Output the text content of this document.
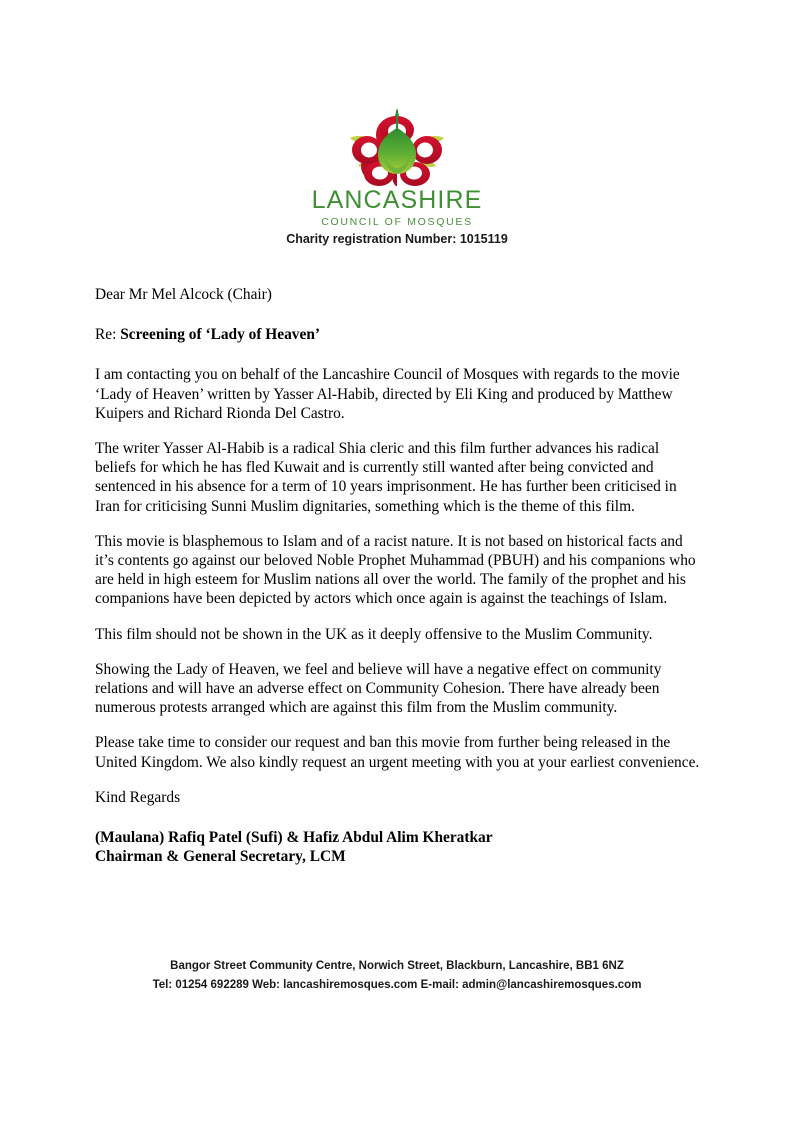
LANCASHIRE
COUNCIL OF MOSQUES
Charity registration Number: 1015119

Dear Mr Mel Alcock (Chair)

Re: Screening of ‘Lady of Heaven’

I am contacting you on behalf of the Lancashire Council of Mosques with regards to the movie ‘Lady of Heaven’ written by Yasser Al-Habib, directed by Eli King and produced by Matthew Kuipers and Richard Rionda Del Castro.

The writer Yasser Al-Habib is a radical Shia cleric and this film further advances his radical beliefs for which he has fled Kuwait and is currently still wanted after being convicted and sentenced in his absence for a term of 10 years imprisonment. He has further been criticised in Iran for criticising Sunni Muslim dignitaries, something which is the theme of this film.

This movie is blasphemous to Islam and of a racist nature. It is not based on historical facts and it’s contents go against our beloved Noble Prophet Muhammad (PBUH) and his companions who are held in high esteem for Muslim nations all over the world. The family of the prophet and his companions have been depicted by actors which once again is against the teachings of Islam.

This film should not be shown in the UK as it deeply offensive to the Muslim Community.

Showing the Lady of Heaven, we feel and believe will have a negative effect on community relations and will have an adverse effect on Community Cohesion. There have already been numerous protests arranged which are against this film from the Muslim community.

Please take time to consider our request and ban this movie from further being released in the United Kingdom. We also kindly request an urgent meeting with you at your earliest convenience.

Kind Regards

(Maulana) Rafiq Patel (Sufi) & Hafiz Abdul Alim Kheratkar
Chairman & General Secretary, LCM
Bangor Street Community Centre, Norwich Street, Blackburn, Lancashire, BB1 6NZ
Tel: 01254 692289 Web: lancashiremosques.com E-mail: admin@lancashiremosques.com
